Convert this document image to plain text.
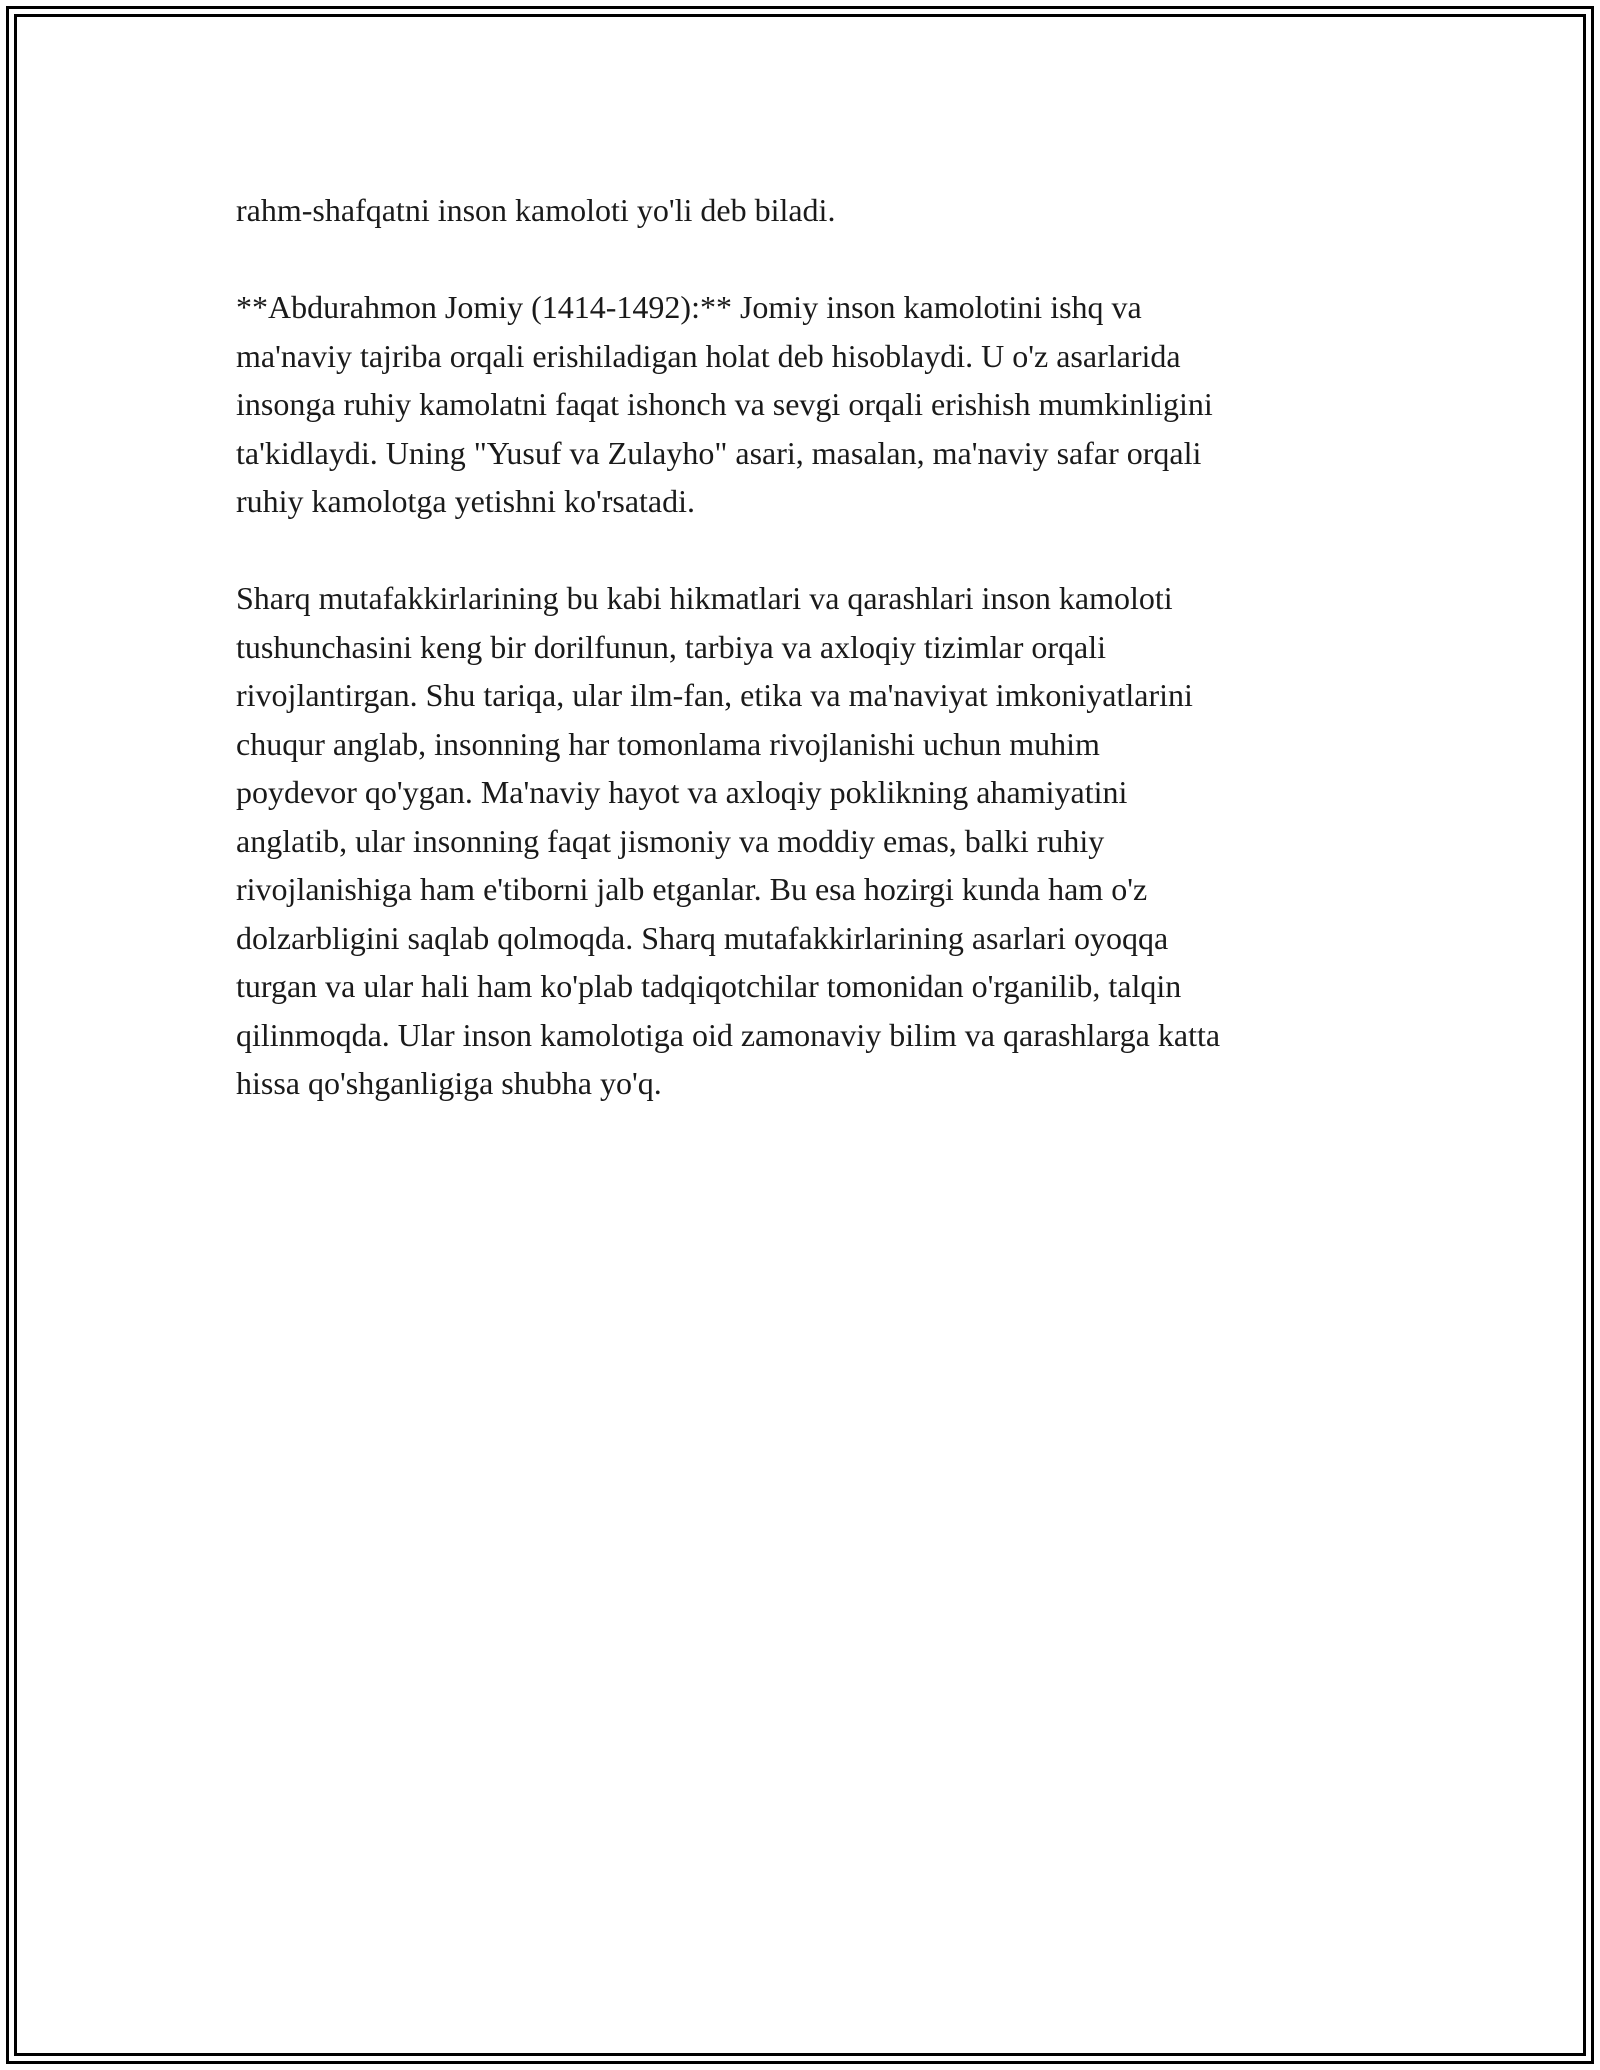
rahm-shafqatni inson kamoloti yo'li deb biladi.

**Abdurahmon Jomiy (1414-1492):** Jomiy inson kamolotini ishq va
ma'naviy tajriba orqali erishiladigan holat deb hisoblaydi. U o'z asarlarida
insonga ruhiy kamolatni faqat ishonch va sevgi orqali erishish mumkinligini
ta'kidlaydi. Uning "Yusuf va Zulayho" asari, masalan, ma'naviy safar orqali
ruhiy kamolotga yetishni ko'rsatadi.

Sharq mutafakkirlarining bu kabi hikmatlari va qarashlari inson kamoloti
tushunchasini keng bir dorilfunun, tarbiya va axloqiy tizimlar orqali
rivojlantirgan. Shu tariqa, ular ilm-fan, etika va ma'naviyat imkoniyatlarini
chuqur anglab, insonning har tomonlama rivojlanishi uchun muhim
poydevor qo'ygan. Ma'naviy hayot va axloqiy poklikning ahamiyatini
anglatib, ular insonning faqat jismoniy va moddiy emas, balki ruhiy
rivojlanishiga ham e'tiborni jalb etganlar. Bu esa hozirgi kunda ham o'z
dolzarbligini saqlab qolmoqda. Sharq mutafakkirlarining asarlari oyoqqa
turgan va ular hali ham ko'plab tadqiqotchilar tomonidan o'rganilib, talqin
qilinmoqda. Ular inson kamolotiga oid zamonaviy bilim va qarashlarga katta
hissa qo'shganligiga shubha yo'q.
